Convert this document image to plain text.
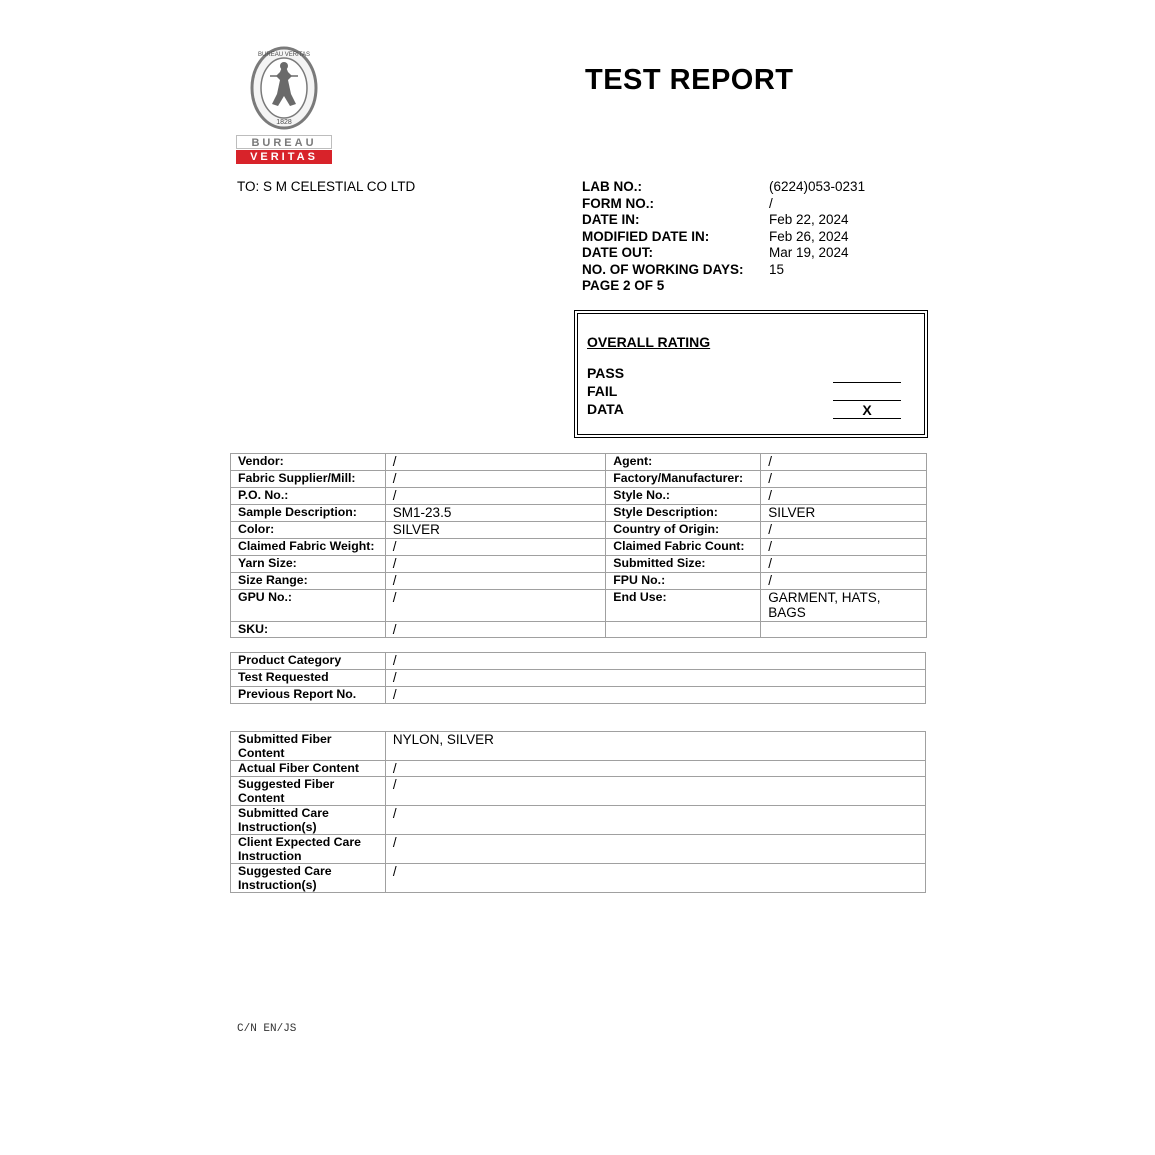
1828
BUREAU VERITAS
BUREAU
VERITAS
TEST REPORT
TO: S M CELESTIAL CO LTD	LAB NO.:	(6224)053-0231
FORM NO.:	/
DATE IN:	Feb 22, 2024
MODIFIED DATE IN:	Feb 26, 2024
DATE OUT:	Mar 19, 2024
NO. OF WORKING DAYS: 15
PAGE 2 OF 5
OVERALL RATING
PASS
FAIL
DATA	X
Vendor:	/	Agent:	/
Fabric Supplier/Mill:	/	Factory/Manufacturer:	/
P.O. No.:	/	Style No.:	/
Sample Description:	SM1-23.5	Style Description:	SILVER
Color:	SILVER	Country of Origin:	/
Claimed Fabric Weight:	/	Claimed Fabric Count:	/
Yarn Size:	/	Submitted Size:	/
Size Range:	/	FPU No.:	/
GPU No.:	/	End Use:	GARMENT, HATS, BAGS
SKU:	/		
Product Category	/
Test Requested	/
Previous Report No.	/
Submitted Fiber Content	NYLON, SILVER
Actual Fiber Content	/
Suggested Fiber Content	/
Submitted Care Instruction(s)	/
Client Expected Care Instruction	/
Suggested Care Instruction(s)	/
C/N EN/JS
